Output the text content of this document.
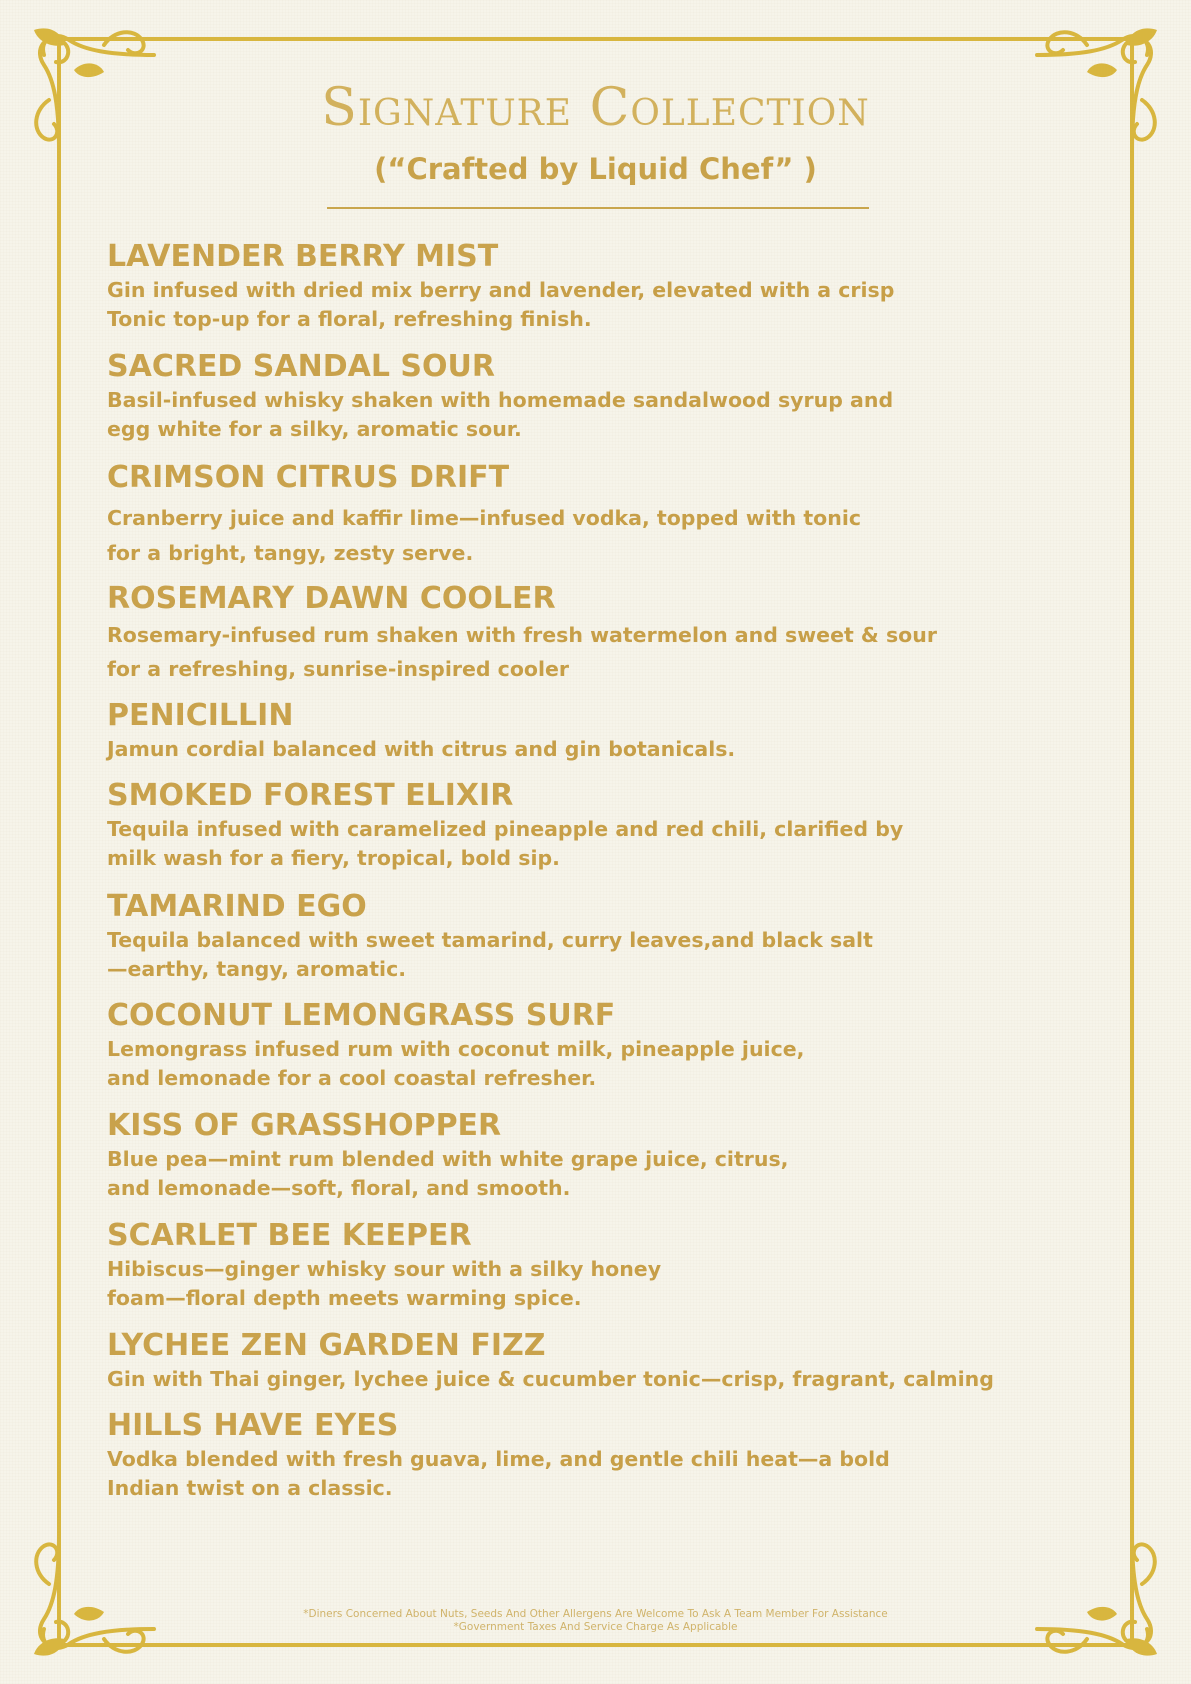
Signature Collection
(“Crafted by Liquid Chef” )
LAVENDER BERRY MIST
Gin infused with dried mix berry and lavender, elevated with a crisp
Tonic top-up for a floral, refreshing finish.
SACRED SANDAL SOUR
Basil-infused whisky shaken with homemade sandalwood syrup and
egg white for a silky, aromatic sour.
CRIMSON CITRUS DRIFT
Cranberry juice and kaffir lime—infused vodka, topped with tonic
for a bright, tangy, zesty serve.
ROSEMARY DAWN COOLER
Rosemary-infused rum shaken with fresh watermelon and sweet & sour
for a refreshing, sunrise-inspired cooler
PENICILLIN
Jamun cordial balanced with citrus and gin botanicals.
SMOKED FOREST ELIXIR
Tequila infused with caramelized pineapple and red chili, clarified by
milk wash for a fiery, tropical, bold sip.
TAMARIND EGO
Tequila balanced with sweet tamarind, curry leaves,and black salt
—earthy, tangy, aromatic.
COCONUT LEMONGRASS SURF
Lemongrass infused rum with coconut milk, pineapple juice,
and lemonade for a cool coastal refresher.
KISS OF GRASSHOPPER
Blue pea—mint rum blended with white grape juice, citrus,
and lemonade—soft, floral, and smooth.
SCARLET BEE KEEPER
Hibiscus—ginger whisky sour with a silky honey
foam—floral depth meets warming spice.
LYCHEE ZEN GARDEN FIZZ
Gin with Thai ginger, lychee juice & cucumber tonic—crisp, fragrant, calming
HILLS HAVE EYES
Vodka blended with fresh guava, lime, and gentle chili heat—a bold
Indian twist on a classic.
*Diners Concerned About Nuts, Seeds And Other Allergens Are Welcome To Ask A Team Member For Assistance
*Government Taxes And Service Charge As Applicable
